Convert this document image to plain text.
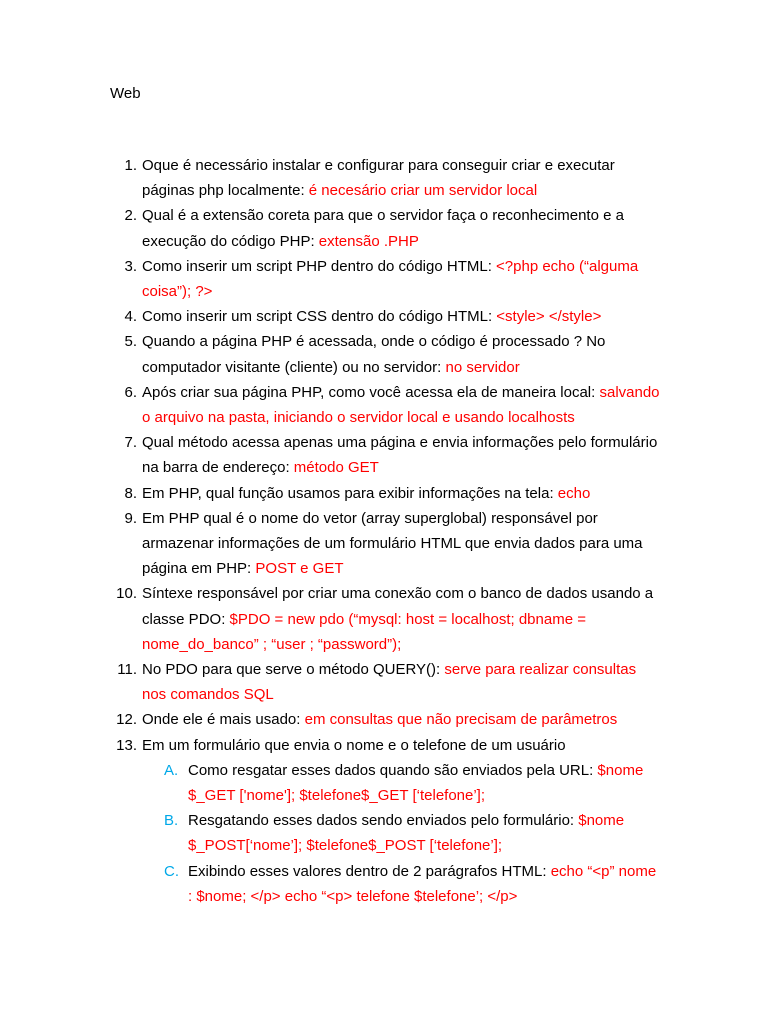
Web
1. Oque é necessário instalar e configurar para conseguir criar e executar páginas php localmente: é necesário criar um servidor local
2. Qual é a extensão coreta para que o servidor faça o reconhecimento e a execução do código PHP: extensão .PHP
3. Como inserir um script PHP dentro do código HTML: <?php echo (“alguma coisa”); ?>
4. Como inserir um script CSS dentro do código HTML: <style> </style>
5. Quando a página PHP é acessada, onde o código é processado ? No computador visitante (cliente) ou no servidor: no servidor
6. Após criar sua página PHP, como você acessa ela de maneira local: salvando o arquivo na pasta, iniciando o servidor local e usando localhosts
7. Qual método acessa apenas uma página e envia informações pelo formulário na barra de endereço: método GET
8. Em PHP, qual função usamos para exibir informações na tela: echo
9. Em PHP qual é o nome do vetor (array superglobal) responsável por armazenar informações de um formulário HTML que envia dados para uma página em PHP: POST e GET
10. Síntexe responsável por criar uma conexão com o banco de dados usando a classe PDO: $PDO = new pdo (“mysql: host = localhost; dbname = nome_do_banco” ; “user ; “password”);
11. No PDO para que serve o método QUERY(): serve para realizar consultas nos comandos SQL
12. Onde ele é mais usado: em consultas que não precisam de parâmetros
13. Em um formulário que envia o nome e o telefone de um usuário
A. Como resgatar esses dados quando são enviados pela URL: $nome $_GET ['nome']; $telefone$_GET [‘telefone’];
B. Resgatando esses dados sendo enviados pelo formulário: $nome $_POST[‘nome’]; $telefone$_POST [‘telefone’];
C. Exibindo esses valores dentro de 2 parágrafos HTML: echo “<p” nome : $nome; </p> echo “<p> telefone $telefone’; </p>
